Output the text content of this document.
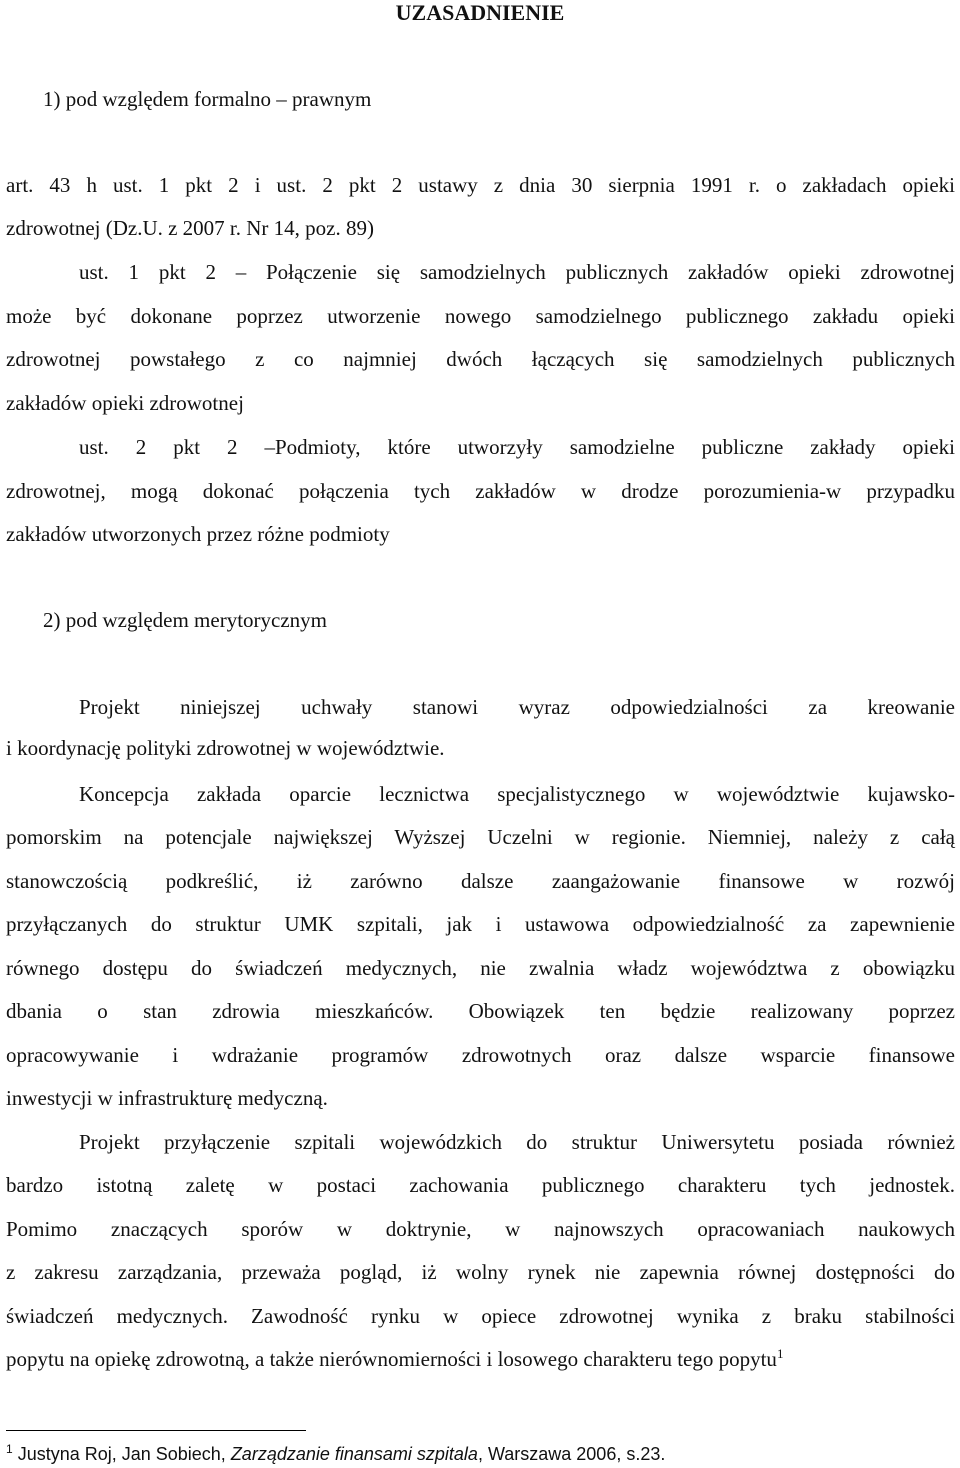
UZASADNIENIE
1) pod względem formalno – prawnym
art. 43 h ust. 1 pkt 2 i ust. 2 pkt 2 ustawy z dnia 30 sierpnia 1991 r. o zakładach opieki
zdrowotnej (Dz.U. z 2007 r. Nr 14, poz. 89)
ust. 1 pkt 2 – Połączenie się samodzielnych publicznych zakładów opieki zdrowotnej
może być dokonane poprzez utworzenie nowego samodzielnego publicznego zakładu opieki
zdrowotnej powstałego z co najmniej dwóch łączących się samodzielnych publicznych
zakładów opieki zdrowotnej
ust. 2 pkt 2 –Podmioty, które utworzyły samodzielne publiczne zakłady opieki
zdrowotnej, mogą dokonać połączenia tych zakładów w drodze porozumienia-w przypadku
zakładów utworzonych przez różne podmioty
2) pod względem merytorycznym
Projekt niniejszej uchwały stanowi wyraz odpowiedzialności za kreowanie
i koordynację polityki zdrowotnej w województwie.
Koncepcja zakłada oparcie lecznictwa specjalistycznego w województwie kujawsko-
pomorskim na potencjale największej Wyższej Uczelni w regionie. Niemniej, należy z całą
stanowczością podkreślić, iż zarówno dalsze zaangażowanie finansowe w rozwój
przyłączanych do struktur UMK szpitali, jak i ustawowa odpowiedzialność za zapewnienie
równego dostępu do świadczeń medycznych, nie zwalnia władz województwa z obowiązku
dbania o stan zdrowia mieszkańców. Obowiązek ten będzie realizowany poprzez
opracowywanie i wdrażanie programów zdrowotnych oraz dalsze wsparcie finansowe
inwestycji w infrastrukturę medyczną.
Projekt przyłączenie szpitali wojewódzkich do struktur Uniwersytetu posiada również
bardzo istotną zaletę w postaci zachowania publicznego charakteru tych jednostek.
Pomimo znaczących sporów w doktrynie, w najnowszych opracowaniach naukowych
z zakresu zarządzania, przeważa pogląd, iż wolny rynek nie zapewnia równej dostępności do
świadczeń medycznych. Zawodność rynku w opiece zdrowotnej wynika z braku stabilności
popytu na opiekę zdrowotną, a także nierównomierności i losowego charakteru tego popytu$^1$
$^1$ Justyna Roj, Jan Sobiech, Zarządzanie finansami szpitala, Warszawa 2006, s.23.
